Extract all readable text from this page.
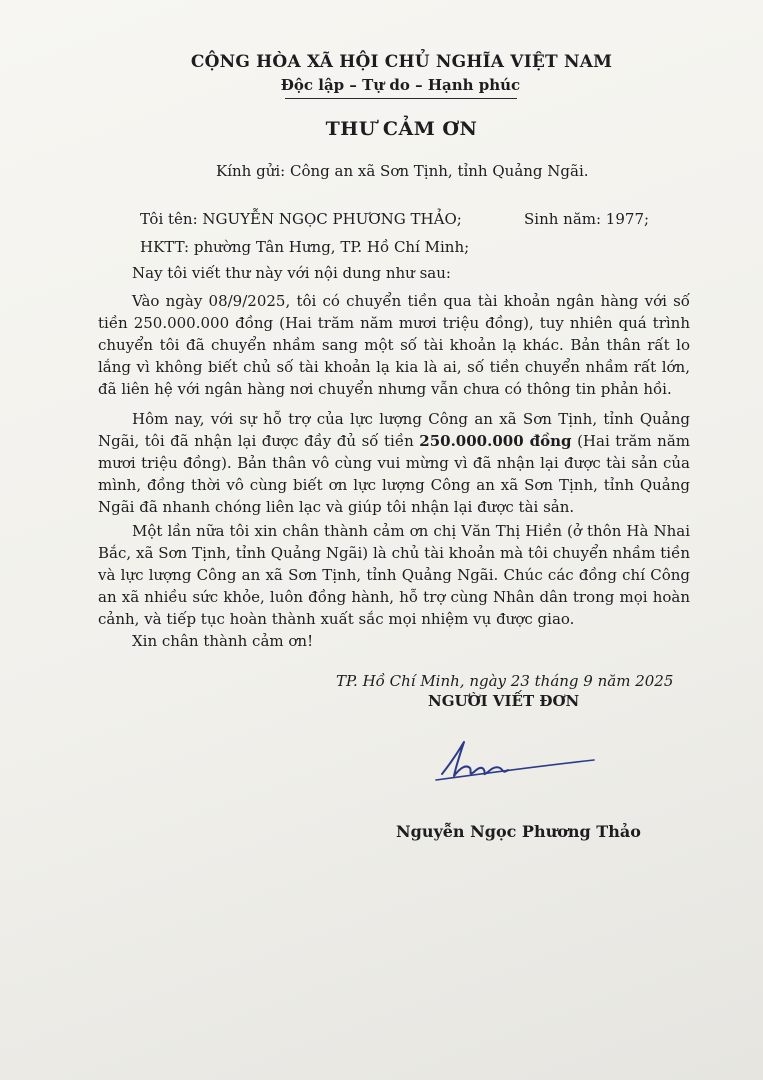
CỘNG HÒA XÃ HỘI CHỦ NGHĨA VIỆT NAM
Độc lập – Tự do – Hạnh phúc
THƯ CẢM ƠN
Kính gửi: Công an xã Sơn Tịnh, tỉnh Quảng Ngãi.
Tôi tên: NGUYỄN NGỌC PHƯƠNG THẢO;	Sinh năm: 1977;
HKTT: phường Tân Hưng, TP. Hồ Chí Minh;
Nay tôi viết thư này với nội dung như sau:
Vào ngày 08/9/2025, tôi có chuyển tiền qua tài khoản ngân hàng với số tiền 250.000.000 đồng (Hai trăm năm mươi triệu đồng), tuy nhiên quá trình chuyển tôi đã chuyển nhầm sang một số tài khoản lạ khác. Bản thân rất lo lắng vì không biết chủ số tài khoản lạ kia là ai, số tiền chuyển nhầm rất lớn, đã liên hệ với ngân hàng nơi chuyển nhưng vẫn chưa có thông tin phản hồi.
Hôm nay, với sự hỗ trợ của lực lượng Công an xã Sơn Tịnh, tỉnh Quảng Ngãi, tôi đã nhận lại được đầy đủ số tiền 250.000.000 đồng (Hai trăm năm mươi triệu đồng). Bản thân vô cùng vui mừng vì đã nhận lại được tài sản của mình, đồng thời vô cùng biết ơn lực lượng Công an xã Sơn Tịnh, tỉnh Quảng Ngãi đã nhanh chóng liên lạc và giúp tôi nhận lại được tài sản.
Một lần nữa tôi xin chân thành cảm ơn chị Văn Thị Hiền (ở thôn Hà Nhai Bắc, xã Sơn Tịnh, tỉnh Quảng Ngãi) là chủ tài khoản mà tôi chuyển nhầm tiền và lực lượng Công an xã Sơn Tịnh, tỉnh Quảng Ngãi. Chúc các đồng chí Công an xã nhiều sức khỏe, luôn đồng hành, hỗ trợ cùng Nhân dân trong mọi hoàn cảnh, và tiếp tục hoàn thành xuất sắc mọi nhiệm vụ được giao.
Xin chân thành cảm ơn!
TP. Hồ Chí Minh, ngày 23 tháng 9 năm 2025
NGƯỜI VIẾT ĐƠN
Nguyễn Ngọc Phương Thảo
